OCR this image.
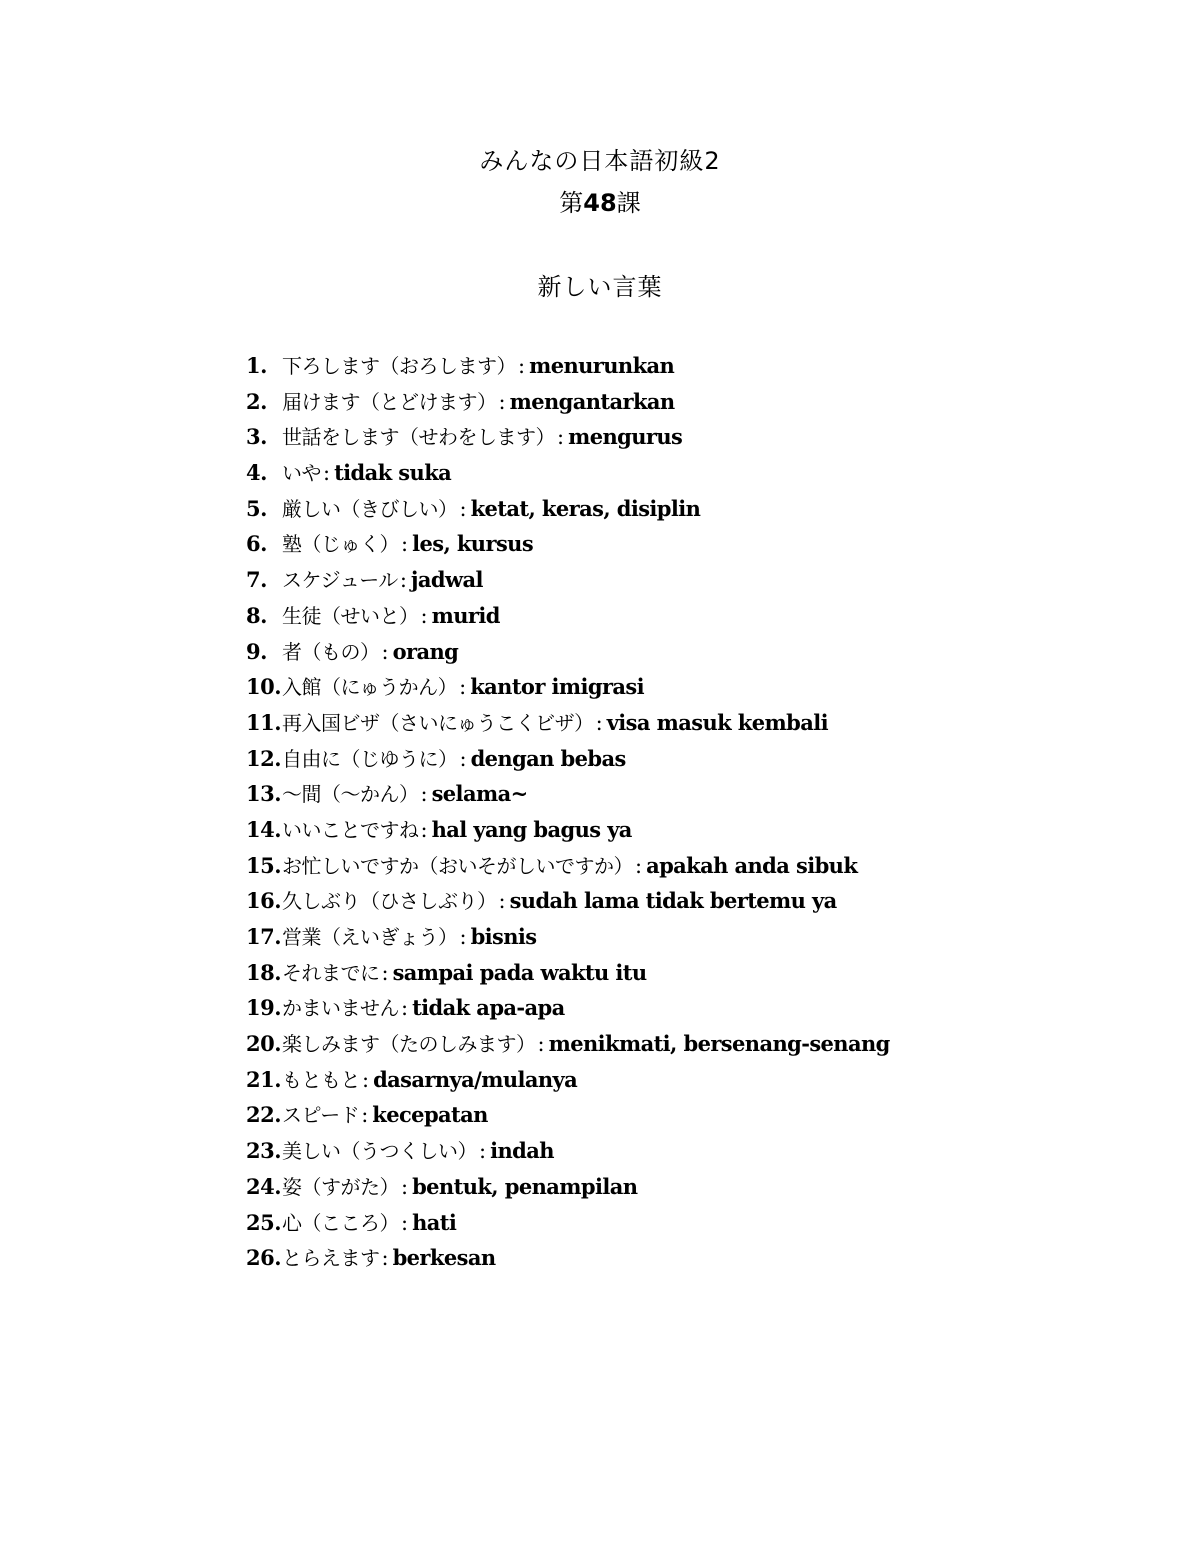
みんなの日本語初級2
第48課
新しい言葉
1. 下ろします（おろします） : menurunkan
2. 届けます（とどけます） : mengantarkan
3. 世話をします（せわをします） : mengurus
4. いや : tidak suka
5. 厳しい（きびしい） : ketat, keras, disiplin
6. 塾（じゅく） : les, kursus
7. スケジュール : jadwal
8. 生徒（せいと） : murid
9. 者（もの） : orang
10. 入館（にゅうかん） : kantor imigrasi
11. 再入国ビザ（さいにゅうこくビザ） : visa masuk kembali
12. 自由に（じゆうに） : dengan bebas
13. ～間（～かん） : selama~
14. いいことですね : hal yang bagus ya
15. お忙しいですか（おいそがしいですか） : apakah anda sibuk
16. 久しぶり（ひさしぶり） : sudah lama tidak bertemu ya
17. 営業（えいぎょう） : bisnis
18. それまでに : sampai pada waktu itu
19. かまいません : tidak apa-apa
20. 楽しみます（たのしみます） : menikmati, bersenang-senang
21. もともと : dasarnya/mulanya
22. スピード : kecepatan
23. 美しい（うつくしい） : indah
24. 姿（すがた） : bentuk, penampilan
25. 心（こころ） : hati
26. とらえます : berkesan
